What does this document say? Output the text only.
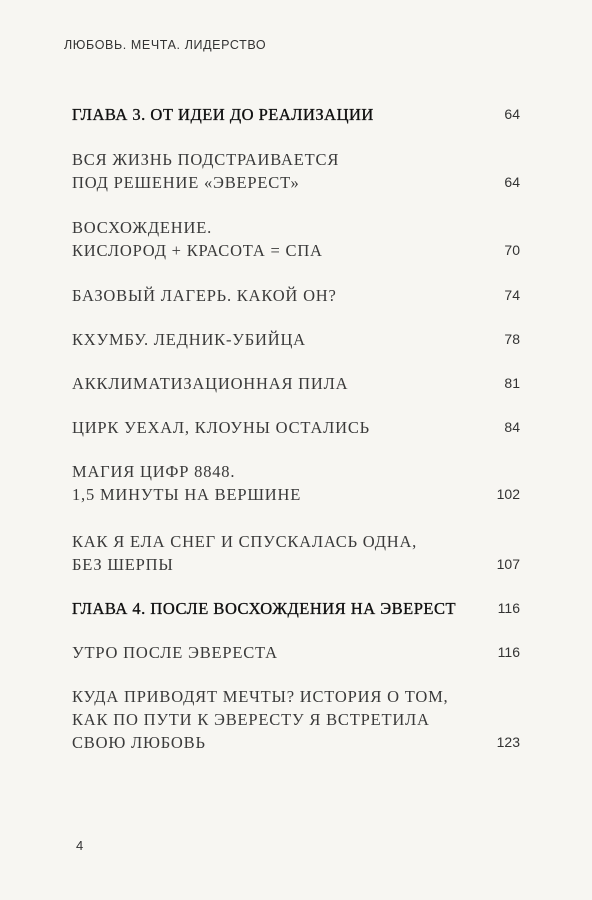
ЛЮБОВЬ. МЕЧТА. ЛИДЕРСТВО
ГЛАВА 3. ОТ ИДЕИ ДО РЕАЛИЗАЦИИ	64
ВСЯ ЖИЗНЬ ПОДСТРАИВАЕТСЯ
ПОД РЕШЕНИЕ «ЭВЕРЕСТ»	64
ВОСХОЖДЕНИЕ.
КИСЛОРОД + КРАСОТА = СПА	70
БАЗОВЫЙ ЛАГЕРЬ. КАКОЙ ОН?	74
КХУМБУ. ЛЕДНИК-УБИЙЦА	78
АККЛИМАТИЗАЦИОННАЯ ПИЛА	81
ЦИРК УЕХАЛ, КЛОУНЫ ОСТАЛИСЬ	84
МАГИЯ ЦИФР 8848.
1,5 МИНУТЫ НА ВЕРШИНЕ	102
КАК Я ЕЛА СНЕГ И СПУСКАЛАСЬ ОДНА,
БЕЗ ШЕРПЫ	107
ГЛАВА 4. ПОСЛЕ ВОСХОЖДЕНИЯ НА ЭВЕРЕСТ	116
УТРО ПОСЛЕ ЭВЕРЕСТА	116
КУДА ПРИВОДЯТ МЕЧТЫ? ИСТОРИЯ О ТОМ,
КАК ПО ПУТИ К ЭВЕРЕСТУ Я ВСТРЕТИЛА
СВОЮ ЛЮБОВЬ	123
4
